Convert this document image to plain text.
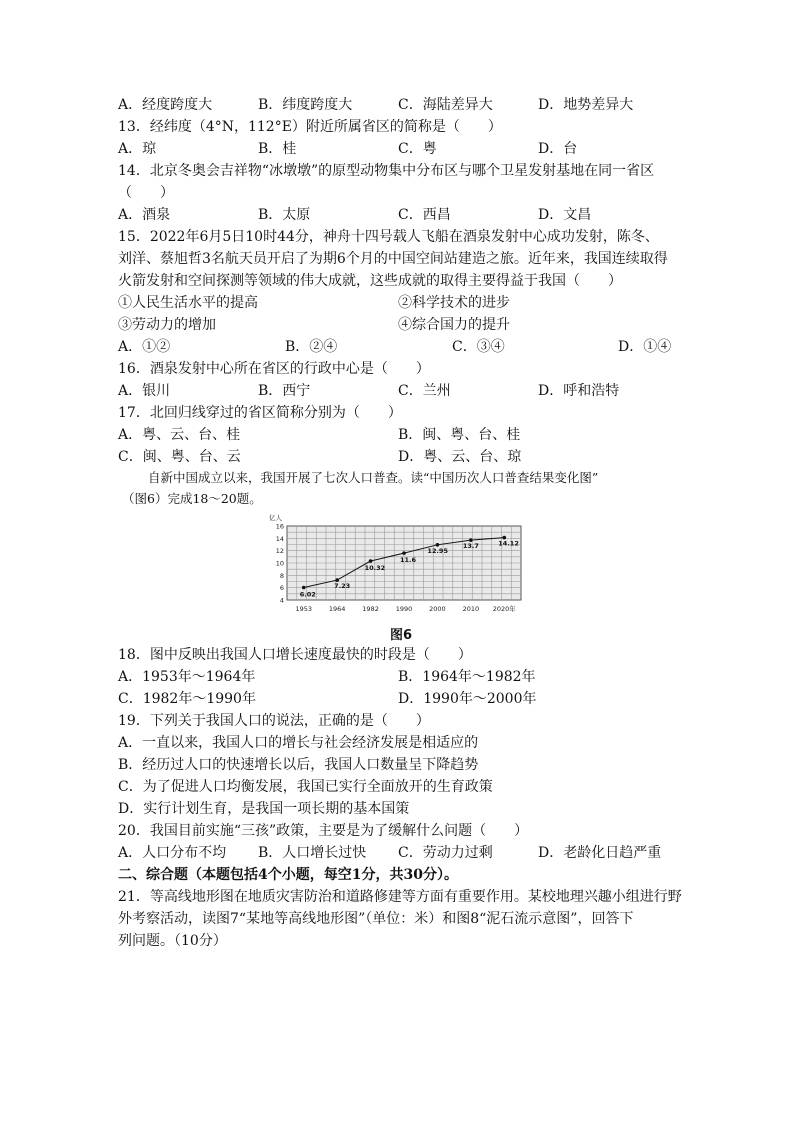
A．经度跨度大	B．纬度跨度大	C．海陆差异大	D．地势差异大
13．经纬度（4°N，112°E）附近所属省区的简称是（　　）
A．琼	B．桂	C．粤	D．台
14．北京冬奥会吉祥物“冰墩墩”的原型动物集中分布区与哪个卫星发射基地在同一省区
（　　）
A．酒泉	B．太原	C．西昌	D．文昌
15．2022年6月5日10时44分，神舟十四号载人飞船在酒泉发射中心成功发射，陈冬、
刘洋、蔡旭哲3名航天员开启了为期6个月的中国空间站建造之旅。近年来，我国连续取得
火箭发射和空间探测等领域的伟大成就，这些成就的取得主要得益于我国（　　）
①人民生活水平的提高	②科学技术的进步
③劳动力的增加	④综合国力的提升
A．①②	B．②④	C．③④	D．①④
16．酒泉发射中心所在省区的行政中心是（　　）
A．银川	B．西宁	C．兰州	D．呼和浩特
17．北回归线穿过的省区简称分别为（　　）
A．粤、云、台、桂	B．闽、粤、台、桂
C．闽、粤、台、云	D．粤、云、台、琼
自新中国成立以来，我国开展了七次人口普查。读“中国历次人口普查结果变化图”
（图6）完成18～20题。
4
6
8
10
12
14
16
亿人
1953	1964	1982	1990	2000	2010 2020年
6.02
7.23
10.32
11.6
12.95
13.7	14.12
图6
18．图中反映出我国人口增长速度最快的时段是（　　）
A．1953年～1964年	B．1964年～1982年
C．1982年～1990年	D．1990年～2000年
19．下列关于我国人口的说法，正确的是（　　）
A．一直以来，我国人口的增长与社会经济发展是相适应的
B．经历过人口的快速增长以后，我国人口数量呈下降趋势
C．为了促进人口均衡发展，我国已实行全面放开的生育政策
D．实行计划生育，是我国一项长期的基本国策
20．我国目前实施“三孩”政策，主要是为了缓解什么问题（　　）
A．人口分布不均 B．人口增长过快 C．劳动力过剩	D．老龄化日趋严重
二、综合题（本题包括4个小题，每空1分，共30分）。
21．等高线地形图在地质灾害防治和道路修建等方面有重要作用。某校地理兴趣小组进行野
外考察活动，读图7“某地等高线地形图”（单位：米）和图8“泥石流示意图”，回答下
列问题。（10分）
